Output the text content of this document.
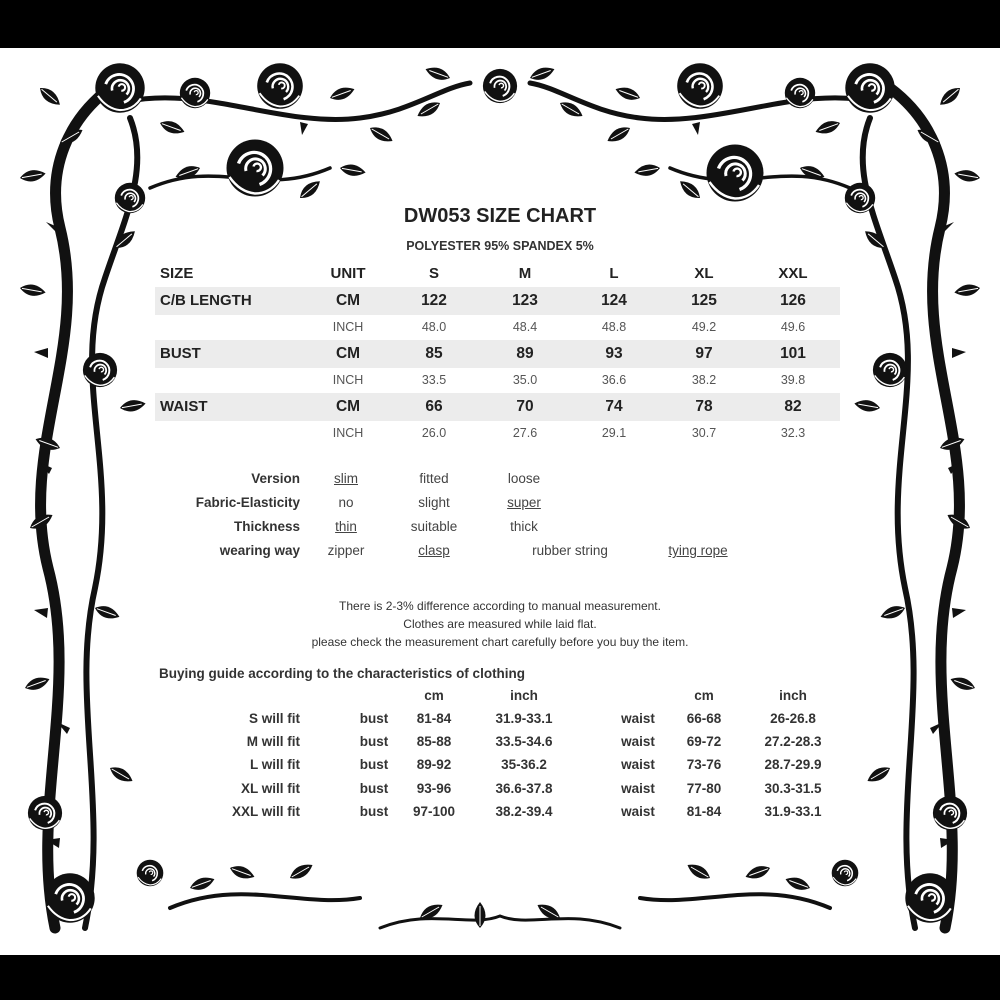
DW053 SIZE CHART
POLYESTER 95% SPANDEX 5%
SIZE	UNIT	S	M	L	XL	XXL
C/B LENGTH	CM	122	123	124	125	126
INCH	48.0	48.4	48.8	49.2	49.6
BUST	CM	85	89	93	97	101
INCH	33.5	35.0	36.6	38.2	39.8
WAIST	CM	66	70	74	78	82
INCH	26.0	27.6	29.1	30.7	32.3
Version	slim	fitted	loose
Fabric-Elasticity	no	slight	super
Thickness	thin	suitable	thick
wearing way zipper	clasp	rubber string	tying rope
There is 2-3% difference according to manual measurement.
Clothes are measured while laid flat.
please check the measurement chart carefully before you buy the item.
Buying guide according to the characteristics of clothing
cm	inch	cm	inch
S will fit	bust 81-84	31.9-33.1	waist 66-68	26-26.8
M will fit	bust 85-88	33.5-34.6	waist 69-72	27.2-28.3
L will fit	bust 89-92	35-36.2	waist 73-76	28.7-29.9
XL will fit	bust 93-96	36.6-37.8	waist 77-80	30.3-31.5
XXL will fit	bust 97-100	38.2-39.4	waist 81-84	31.9-33.1
